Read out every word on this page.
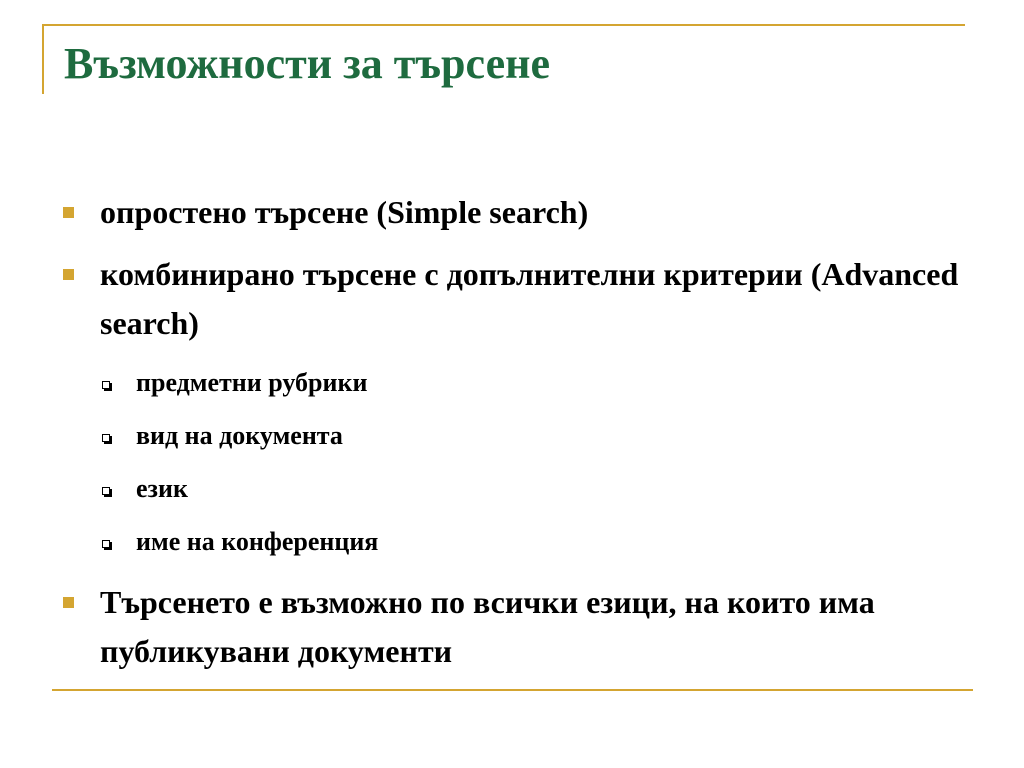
Възможности за търсене
опростено търсене (Simple search)
комбинирано търсене с допълнителни критерии (Advanced search)
предметни рубрики
вид на документа
език
име на конференция
Търсенето е възможно по всички езици, на които има публикувани документи
